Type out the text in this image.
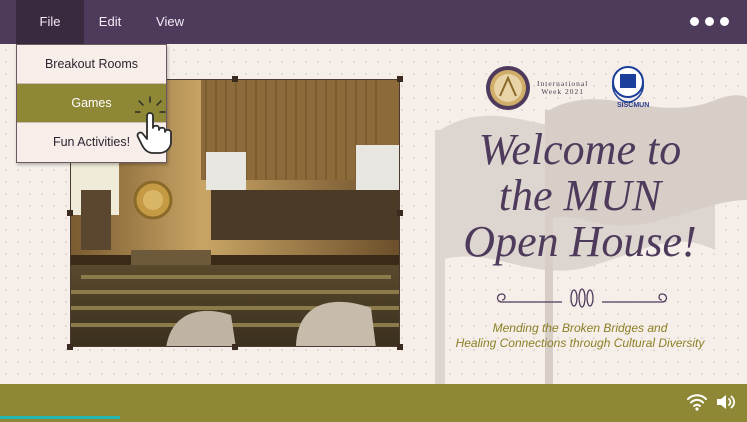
File	Edit	View
Breakout Rooms
Games
Fun Activities!
International
Week 2021
SISCMUN
Welcome to
the MUN
Open House!
Mending the Broken Bridges and
Healing Connections through Cultural Diversity
